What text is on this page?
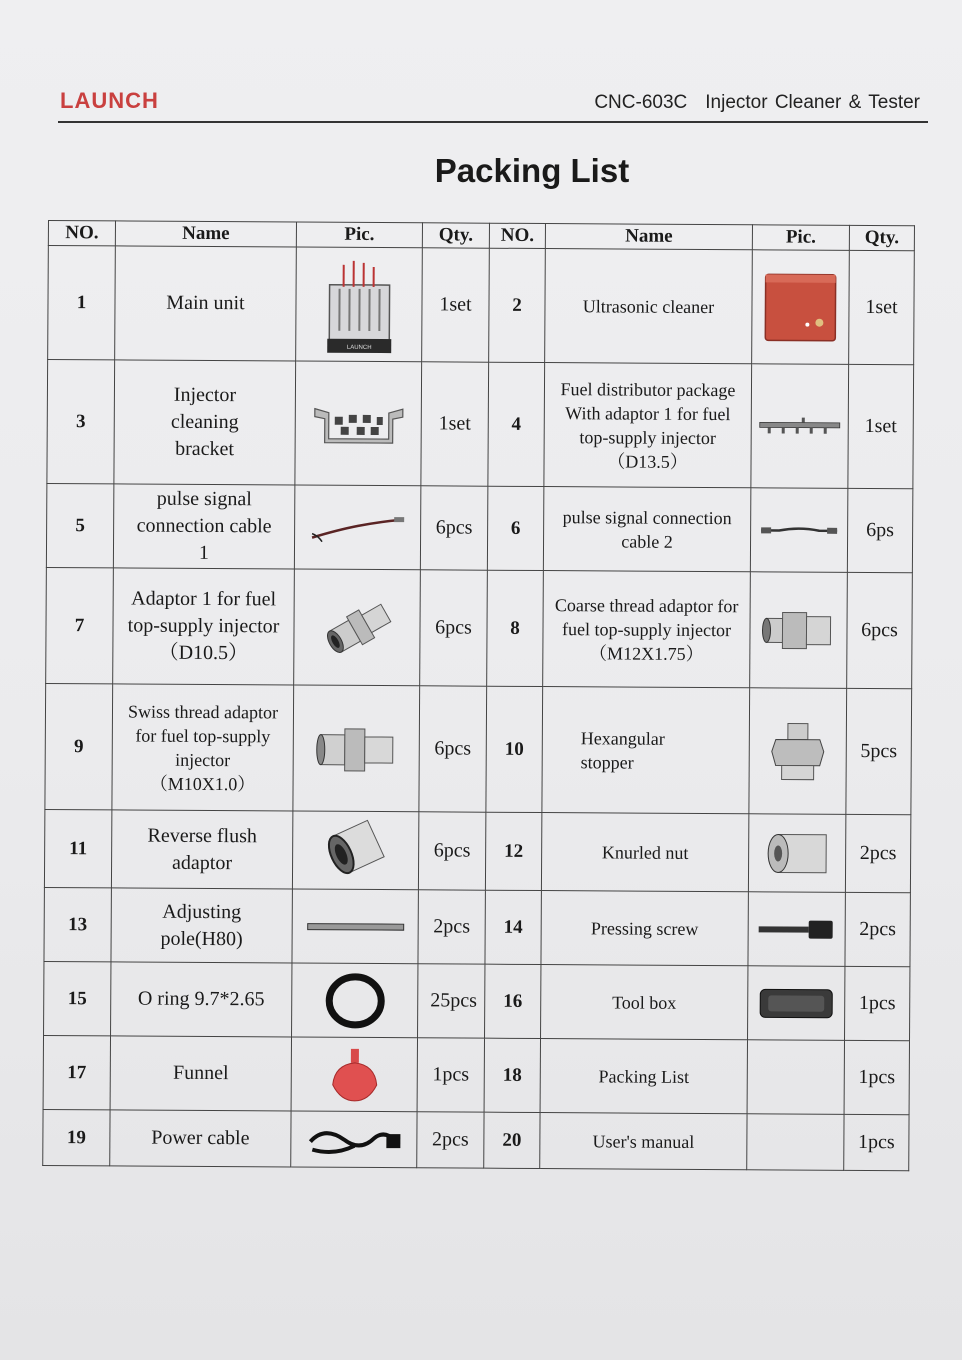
LAUNCH	CNC-603C Injector Cleaner & Tester
Packing List
NO.	Name	Pic.	Qty.	NO.	Name	Pic.	Qty.
1	Main unit	LAUNCH	1set	2	Ultrasonic cleaner		1set
3	Injector cleaning bracket		1set	4	Fuel distributor package With adaptor 1 for fuel top-supply injector（D13.5）		1set
5	pulse signal connection cable 1		6pcs	6	pulse signal connection cable 2		6ps
7	Adaptor 1 for fuel top-supply injector （D10.5）		6pcs	8	Coarse thread adaptor for fuel top-supply injector（M12X1.75）		6pcs
9	Swiss thread adaptor for fuel top-supply injector （M10X1.0）		6pcs	10	Hexangular stopper		5pcs
11	Reverse flush adaptor		6pcs	12	Knurled nut		2pcs
13	Adjusting pole(H80)		2pcs	14	Pressing screw		2pcs
15	O ring 9.7*2.65		25pcs	16	Tool box		1pcs
17	Funnel		1pcs	18	Packing List		1pcs
19	Power cable		2pcs	20	User's manual		1pcs
